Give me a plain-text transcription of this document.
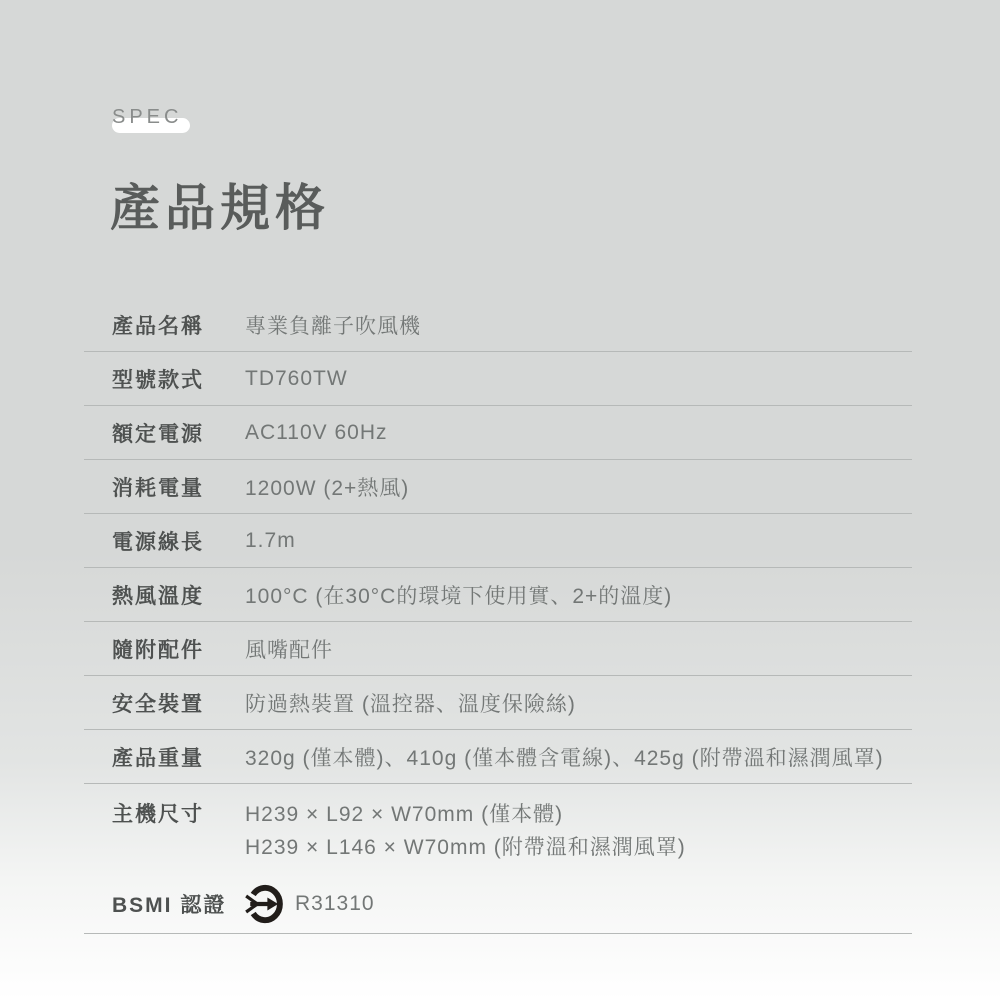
SPEC
產品規格
產品名稱	專業負離子吹風機
型號款式	TD760TW
額定電源	AC110V 60Hz
消耗電量	1200W (2+熱風)
電源線長	1.7m
熱風溫度	100°C (在30°C的環境下使用實、2+的溫度)
隨附配件	風嘴配件
安全裝置	防過熱裝置 (溫控器、溫度保險絲)
產品重量	320g (僅本體)、410g (僅本體含電線)、425g (附帶溫和濕潤風罩)
主機尺寸	H239 × L92 × W70mm (僅本體)
H239 × L146 × W70mm (附帶溫和濕潤風罩)
BSMI 認證	R31310
